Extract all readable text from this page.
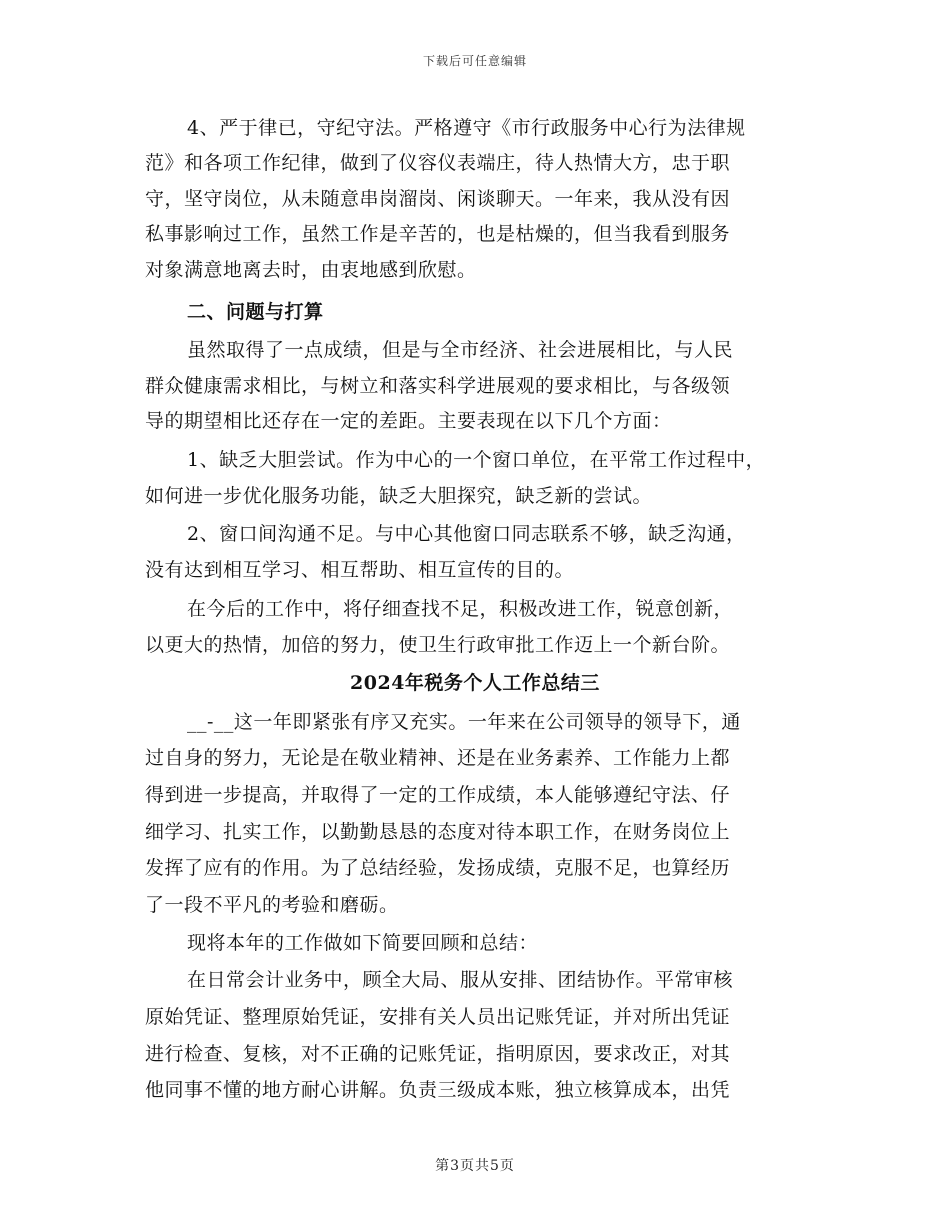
下载后可任意编辑
4、严于律已，守纪守法。严格遵守《市行政服务中心行为法律规
范》和各项工作纪律，做到了仪容仪表端庄，待人热情大方，忠于职
守，坚守岗位，从未随意串岗溜岗、闲谈聊天。一年来，我从没有因
私事影响过工作，虽然工作是辛苦的，也是枯燥的，但当我看到服务
对象满意地离去时，由衷地感到欣慰。
二、问题与打算
虽然取得了一点成绩，但是与全市经济、社会进展相比，与人民
群众健康需求相比，与树立和落实科学进展观的要求相比，与各级领
导的期望相比还存在一定的差距。主要表现在以下几个方面：
1、缺乏大胆尝试。作为中心的一个窗口单位，在平常工作过程中，
如何进一步优化服务功能，缺乏大胆探究，缺乏新的尝试。
2、窗口间沟通不足。与中心其他窗口同志联系不够，缺乏沟通，
没有达到相互学习、相互帮助、相互宣传的目的。
在今后的工作中，将仔细查找不足，积极改进工作，锐意创新，
以更大的热情，加倍的努力，使卫生行政审批工作迈上一个新台阶。
2024年税务个人工作总结三
__-__这一年即紧张有序又充实。一年来在公司领导的领导下，通
过自身的努力，无论是在敬业精神、还是在业务素养、工作能力上都
得到进一步提高，并取得了一定的工作成绩，本人能够遵纪守法、仔
细学习、扎实工作，以勤勤恳恳的态度对待本职工作，在财务岗位上
发挥了应有的作用。为了总结经验，发扬成绩，克服不足，也算经历
了一段不平凡的考验和磨砺。
现将本年的工作做如下简要回顾和总结：
在日常会计业务中，顾全大局、服从安排、团结协作。平常审核
原始凭证、整理原始凭证，安排有关人员出记账凭证，并对所出凭证
进行检查、复核，对不正确的记账凭证，指明原因，要求改正，对其
他同事不懂的地方耐心讲解。负责三级成本账，独立核算成本，出凭
第3页共5页
